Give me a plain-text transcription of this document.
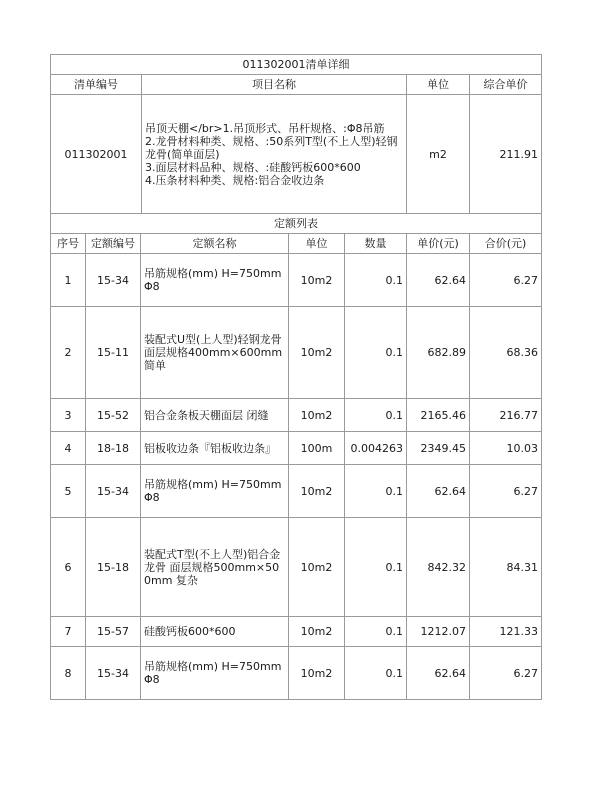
011302001清单详细			
清单编号	项目名称	单位	综合单价
011302001	吊顶天棚</br>1.吊顶形式、吊杆规格、:Φ8吊筋
2.龙骨材料种类、规格、:50系列T型(不上人型)轻钢龙骨(简单面层)
3.面层材料品种、规格、:硅酸钙板600*600
4.压条材料种类、规格:铝合金收边条	m2	211.91
定额列表						
序号	定额编号	定额名称	单位	数量	单价(元)	合价(元)
1	15-34	吊筋规格(mm) H=750mm Φ8	10m2	0.1	62.64	6.27
2	15-11	装配式U型(上人型)轻钢龙骨 面层规格400mm×600mm 简单	10m2	0.1	682.89	68.36
3	15-52	铝合金条板天棚面层 闭缝	10m2	0.1	2165.46	216.77
4	18-18	铝板收边条『铝板收边条』	100m	0.004263	2349.45	10.03
5	15-34	吊筋规格(mm) H=750mm Φ8	10m2	0.1	62.64	6.27
6	15-18	装配式T型(不上人型)铝合金龙骨 面层规格500mm×500mm 复杂	10m2	0.1	842.32	84.31
7	15-57	硅酸钙板600*600	10m2	0.1	1212.07	121.33
8	15-34	吊筋规格(mm) H=750mm Φ8	10m2	0.1	62.64	6.27
